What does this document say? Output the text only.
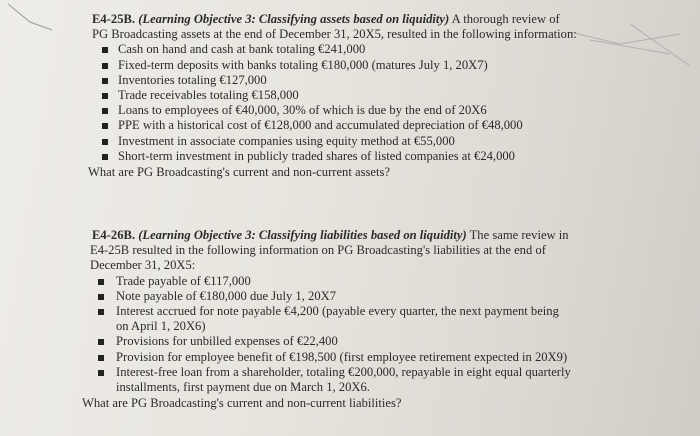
E4-25B. (Learning Objective 3: Classifying assets based on liquidity) A thorough review of
PG Broadcasting assets at the end of December 31, 20X5, resulted in the following information:
Cash on hand and cash at bank totaling €241,000
Fixed-term deposits with banks totaling €180,000 (matures July 1, 20X7)
Inventories totaling €127,000
Trade receivables totaling €158,000
Loans to employees of €40,000, 30% of which is due by the end of 20X6
PPE with a historical cost of €128,000 and accumulated depreciation of €48,000
Investment in associate companies using equity method at €55,000
Short-term investment in publicly traded shares of listed companies at €24,000
What are PG Broadcasting's current and non-current assets?
E4-26B. (Learning Objective 3: Classifying liabilities based on liquidity) The same review in
E4-25B resulted in the following information on PG Broadcasting's liabilities at the end of
December 31, 20X5:
Trade payable of €117,000
Note payable of €180,000 due July 1, 20X7
Interest accrued for note payable €4,200 (payable every quarter, the next payment being
on April 1, 20X6)
Provisions for unbilled expenses of €22,400
Provision for employee benefit of €198,500 (first employee retirement expected in 20X9)
Interest-free loan from a shareholder, totaling €200,000, repayable in eight equal quarterly
installments, first payment due on March 1, 20X6.
What are PG Broadcasting's current and non-current liabilities?
